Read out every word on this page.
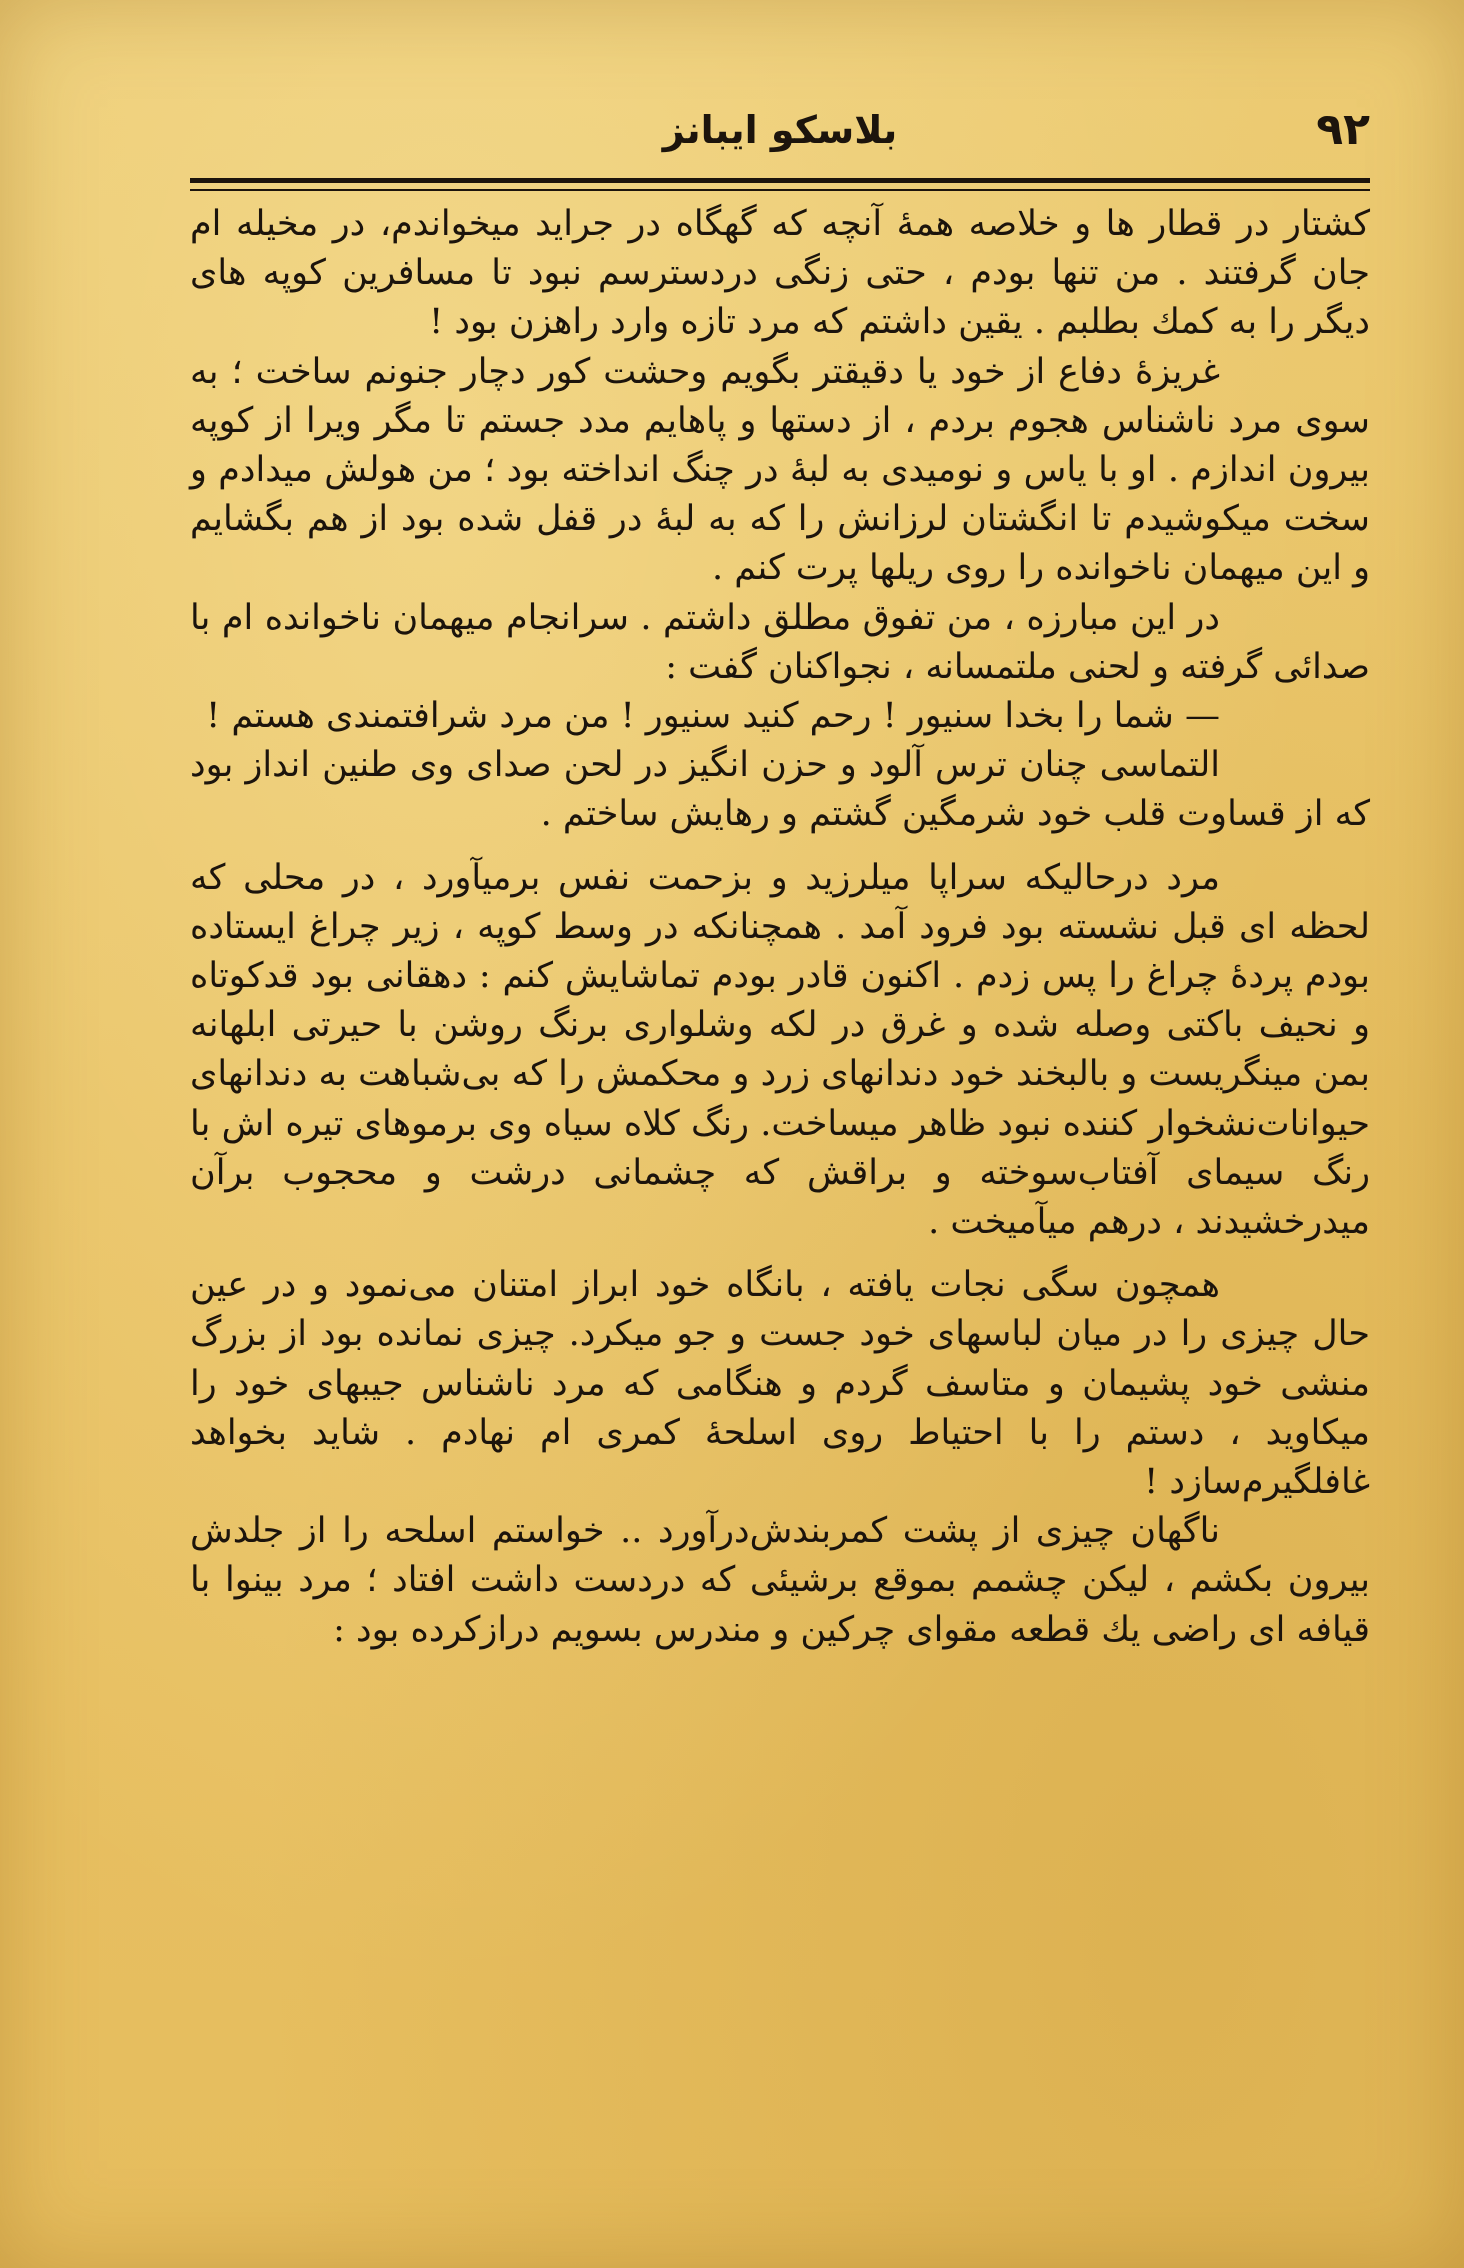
۹۲
بلاسکو ایبانز

کشتار در قطار ها و خلاصه همهٔ آنچه که گهگاه در جراید میخواندم، در مخیله ام جان گرفتند . من تنها بودم ، حتی زنگی دردسترسم نبود تا مسافرین کوپه های دیگر را به کمك بطلبم . یقین داشتم که مرد تازه وارد راهزن بود !

غریزهٔ دفاع از خود یا دقیقتر بگویم وحشت کور دچار جنونم ساخت ؛ به سوی مرد ناشناس هجوم بردم ، از دستها و پاهایم مدد جستم تا مگر ویرا از کوپه بیرون اندازم . او با یاس و نومیدی به لبهٔ در چنگ انداخته بود ؛ من هولش میدادم و سخت میکوشیدم تا انگشتان لرزانش را که به لبهٔ در قفل شده بود از هم بگشایم و این میهمان ناخوانده را روی ریلها پرت کنم .

در این مبارزه ، من تفوق مطلق داشتم . سرانجام میهمان ناخوانده ام با صدائی گرفته و لحنی ملتمسانه ، نجواکنان گفت :

— شما را بخدا سنیور ! رحم کنید سنیور ! من مرد شرافتمندی هستم !

التماسی چنان ترس آلود و حزن انگیز در لحن صدای وی طنین انداز بود که از قساوت قلب خود شرمگین گشتم و رهایش ساختم .

مرد درحالیکه سراپا میلرزید و بزحمت نفس برمیآورد ، در محلی که لحظه ای قبل نشسته بود فرود آمد . همچنانکه در وسط کوپه ، زیر چراغ ایستاده بودم پردهٔ چراغ را پس زدم . اکنون قادر بودم تماشایش کنم : دهقانی بود قدکوتاه و نحیف باکتی وصله شده و غرق در لکه وشلواری برنگ روشن با حیرتی ابلهانه بمن مینگریست و بالبخند خود دندانهای زرد و محکمش را که بی‌شباهت به دندانهای حیوانات‌نشخوار کننده نبود ظاهر میساخت. رنگ کلاه سیاه وی برموهای تیره اش با رنگ سیمای آفتاب‌سوخته و براقش که چشمانی درشت و محجوب برآن میدرخشیدند ، درهم میآمیخت .

همچون سگی نجات یافته ، بانگاه خود ابراز امتنان می‌نمود و در عین حال چیزی را در میان لباسهای خود جست و جو میکرد. چیزی نمانده بود از بزرگ منشی خود پشیمان و متاسف گردم و هنگامی که مرد ناشناس جیبهای خود را میکاوید ، دستم را با احتیاط روی اسلحهٔ کمری ام نهادم . شاید بخواهد غافلگیرم‌سازد !

ناگهان چیزی از پشت کمربندش‌درآورد .. خواستم اسلحه را از جلدش بیرون بکشم ، لیکن چشمم بموقع برشیئی که دردست داشت افتاد ؛ مرد بینوا با قیافه ای راضی یك قطعه مقوای چرکین و مندرس بسویم درازکرده بود :
